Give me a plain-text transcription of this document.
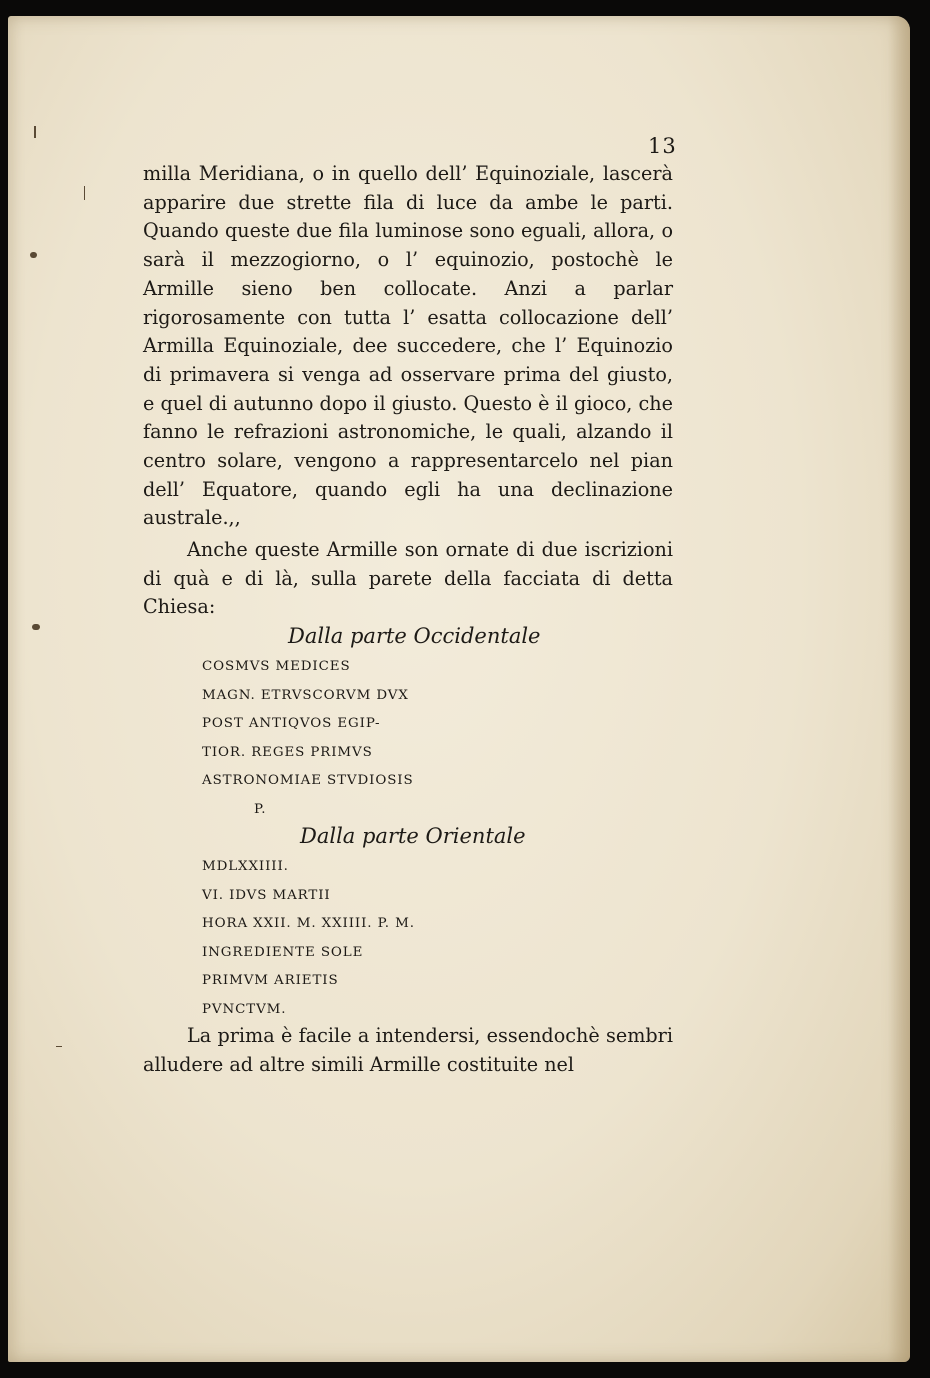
13

milla Meridiana, o in quello dell’ Equinoziale, lascerà apparire due strette fila di luce da ambe le parti. Quando queste due fila luminose sono eguali, allora, o sarà il mezzogiorno, o l’ equinozio, postochè le Armille sieno ben collocate. Anzi a parlar rigorosamente con tutta l’ esatta collocazione dell’ Armilla Equinoziale, dee succedere, che l’ Equinozio di primavera si venga ad osservare prima del giusto, e quel di autunno dopo il giusto. Questo è il gioco, che fanno le refrazioni astronomiche, le quali, alzando il centro solare, vengono a rappresentarcelo nel pian dell’ Equatore, quando egli ha una declinazione australe.,,

Anche queste Armille son ornate di due iscrizioni di quà e di là, sulla parete della facciata di detta Chiesa:

Dalla parte Occidentale
COSMVS MEDICES
MAGN. ETRVSCORVM DVX
POST ANTIQVOS EGIP-
TIOR. REGES PRIMVS
ASTRONOMIAE STVDIOSIS
P.
Dalla parte Orientale
MDLXXIIII.
VI. IDVS MARTII
HORA XXII. M. XXIIII. P. M.
INGREDIENTE SOLE
PRIMVM ARIETIS
PVNCTVM.

La prima è facile a intendersi, essendochè sembri alludere ad altre simili Armille costituite nel
